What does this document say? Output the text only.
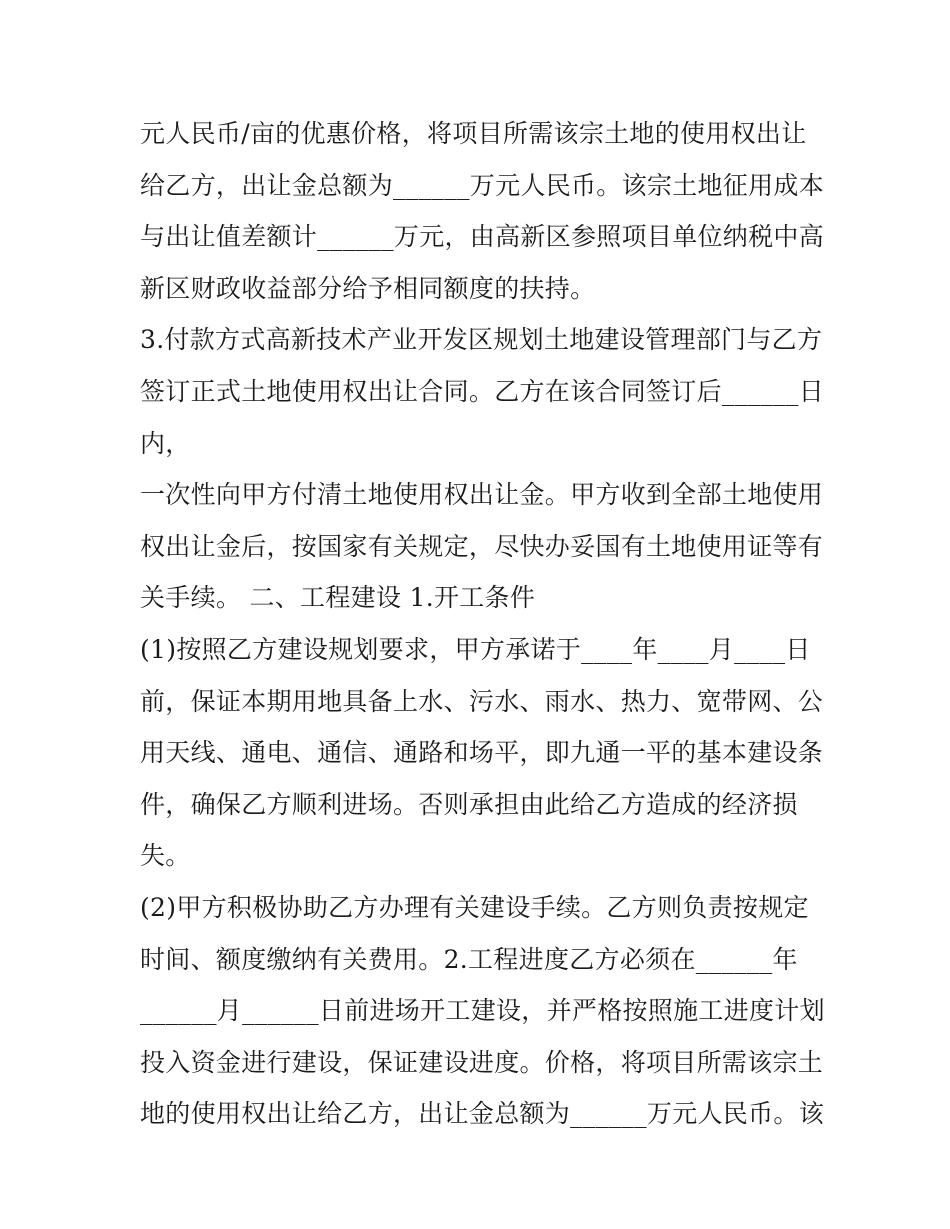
元人民币/亩的优惠价格，将项目所需该宗土地的使用权出让
给乙方，出让金总额为______万元人民币。该宗土地征用成本
与出让值差额计______万元，由高新区参照项目单位纳税中高
新区财政收益部分给予相同额度的扶持。
3.付款方式高新技术产业开发区规划土地建设管理部门与乙方
签订正式土地使用权出让合同。乙方在该合同签订后______日
内，
一次性向甲方付清土地使用权出让金。甲方收到全部土地使用
权出让金后，按国家有关规定，尽快办妥国有土地使用证等有
关手续。 二、工程建设 1.开工条件
(1)按照乙方建设规划要求，甲方承诺于____年____月____日
前，保证本期用地具备上水、污水、雨水、热力、宽带网、公
用天线、通电、通信、通路和场平，即九通一平的基本建设条
件，确保乙方顺利进场。否则承担由此给乙方造成的经济损
失。
(2)甲方积极协助乙方办理有关建设手续。乙方则负责按规定
时间、额度缴纳有关费用。2.工程进度乙方必须在______年
______月______日前进场开工建设，并严格按照施工进度计划
投入资金进行建设，保证建设进度。价格，将项目所需该宗土
地的使用权出让给乙方，出让金总额为______万元人民币。该
